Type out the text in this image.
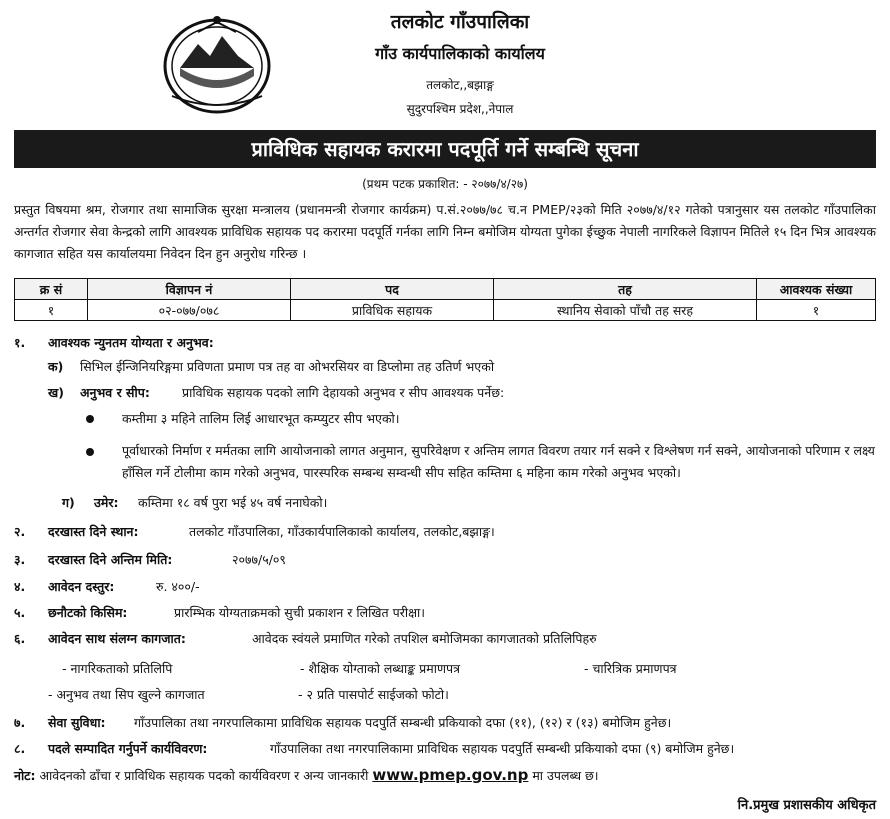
तलकोट गाँउपालिका
गाँउ कार्यपालिकाको कार्यालय
तलकोट,,बझाङ्ग
सुदुरपश्चिम प्रदेश,,नेपाल
प्राविधिक सहायक करारमा पदपूर्ति गर्ने सम्बन्धि सूचना
(प्रथम पटक प्रकाशित: - २०७७/४/२७)
प्रस्तुत विषयमा श्रम, रोजगार तथा सामाजिक सुरक्षा मन्त्रालय (प्रधानमन्त्री रोजगार कार्यक्रम) प.सं.२०७७/७८ च.न PMEP/२३को मिति २०७७/४/१२ गतेको पत्रानुसार यस तलकोट गाँउपालिका अन्तर्गत रोजगार सेवा केन्द्रको लागि आवश्यक प्राविधिक सहायक पद करारमा पदपूर्ति गर्नका लागि निम्न बमोजिम योग्यता पुगेका ईच्छुक नेपाली नागरिकले विज्ञापन मितिले १५ दिन भित्र आवश्यक कागजात सहित यस कार्यालयमा निवेदन दिन हुन अनुरोध गरिन्छ ।
क्र सं	विज्ञापन नं	पद	तह	आवश्यक संख्या
१	०२-०७७/०७८	प्राविधिक सहायक	स्थानिय सेवाको पाँचौ तह सरह	१
१.	आवश्यक न्युनतम योग्यता र अनुभव:
क) सिभिल ईन्जिनियरिङ्गमा प्रविणता प्रमाण पत्र तह वा ओभरसियर वा डिप्लोमा तह उतिर्ण भएको
ख) अनुभव र सीप:	प्राविधिक सहायक पदको लागि देहायको अनुभव र सीप आवश्यक पर्नेछ:
कम्तीमा ३ महिने तालिम लिई आधारभूत कम्प्युटर सीप भएको।
पूर्वाधारको निर्माण र मर्मतका लागि आयोजनाको लागत अनुमान, सुपरिवेक्षण र अन्तिम लागत विवरण तयार गर्न सक्ने र विश्लेषण गर्न सक्ने, आयोजनाको परिणाम र लक्ष्य हाँसिल गर्ने टोलीमा काम गरेको अनुभव, पारस्परिक सम्बन्ध सम्वन्धी सीप सहित कम्तिमा ६ महिना काम गरेको अनुभव भएको।
ग) उमेर: कम्तिमा १८ वर्ष पुरा भई ४५ वर्ष ननाघेको।
२.	दरखास्त दिने स्थान:	तलकोट गाँउपालिका, गाँउकार्यपालिकाको कार्यालय, तलकोट,बझाङ्ग।
३.	दरखास्त दिने अन्तिम मिति:	२०७७/५/०९
४.	आवेदन दस्तुर:	रु. ४००/-
५.	छनौटको किसिम:	प्रारम्भिक योग्यताक्रमको सुची प्रकाशन र लिखित परीक्षा।
६.	आवेदन साथ संलग्न कागजात:	आवेदक स्वंयले प्रमाणित गरेको तपशिल बमोजिमका कागजातको प्रतिलिपिहरु
- नागरिकताको प्रतिलिपि	- शैक्षिक योग्ताको लब्धाङ्क प्रमाणपत्र	- चारित्रिक प्रमाणपत्र
- अनुभव तथा सिप खुल्ने कागजात	- २ प्रति पासपोर्ट साईजको फोटो।
७.	सेवा सुविधा: गाँउपालिका तथा नगरपालिकामा प्राविधिक सहायक पदपुर्ति सम्बन्धी प्रकियाको दफा (११), (१२) र (१३) बमोजिम हुनेछ।
८.	पदले सम्पादित गर्नुपर्ने कार्यविवरण:	गाँउपालिका तथा नगरपालिकामा प्राविधिक सहायक पदपुर्ति सम्बन्धी प्रकियाको दफा (९) बमोजिम हुनेछ।
नोट: आवेदनको ढाँचा र प्राविधिक सहायक पदको कार्यविवरण र अन्य जानकारी www.pmep.gov.np मा उपलब्ध छ।
नि.प्रमुख प्रशासकीय अधिकृत
